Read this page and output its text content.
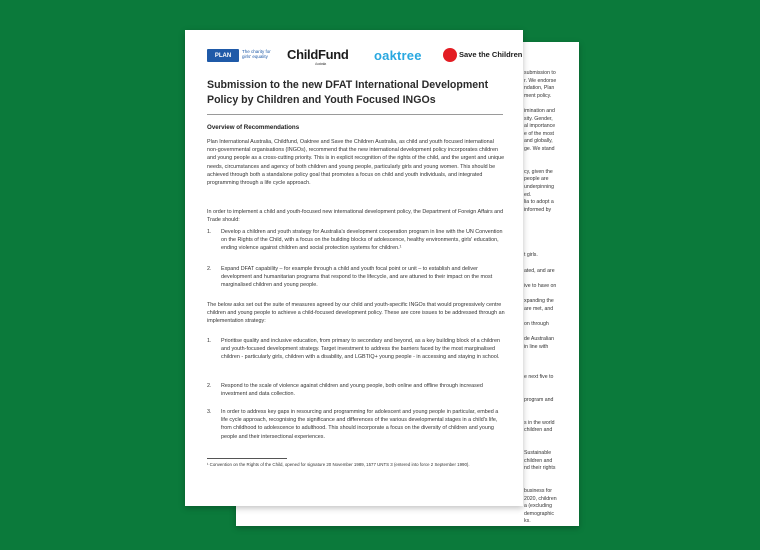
submission to
r. We endorse
ndation, Plan
ment policy.
imination and
sity. Gender,
al importance
e of the most
and globally,
ge. We stand
cy, given the
people are
underpinning
ed.
lia to adopt a
informed by
t girls.
ated, and are
ive to have on
xpanding the
are met, and
on through
de Australian
in line with
e next five to
program and
s in the world
children and
Sustainable
children and
nd their rights
business for
2020, children
a (excluding
demographic
ks.
PLAN
The charity for girls' equality	ChildFund
Australia
oaktree	Save the Children
Submission to the new DFAT International Development Policy by Children and Youth Focused INGOs
Overview of Recommendations
Plan International Australia, Childfund, Oaktree and Save the Children Australia, as child and youth focused international non-governmental organisations (INGOs), recommend that the new international development policy incorporates children and young people as a cross-cutting priority. This is in explicit recognition of the rights of the child, and the urgent and unique needs, circumstances and agency of both children and young people, particularly girls and young women. This should be achieved through both a standalone policy goal that promotes a focus on child and youth individuals, and integrated programming through a life cycle approach.
In order to implement a child and youth-focused new international development policy, the Department of Foreign Affairs and Trade should:
1. Develop a children and youth strategy for Australia's development cooperation program in line with the UN Convention on the Rights of the Child, with a focus on the building blocks of adolescence, healthy environments, girls' education, ending violence against children and social protection systems for children.¹
2. Expand DFAT capability – for example through a child and youth focal point or unit – to establish and deliver development and humanitarian programs that respond to the lifecycle, and are attuned to their impact on the most marginalised children and young people.
The below asks set out the suite of measures agreed by our child and youth-specific INGOs that would progressively centre children and young people to achieve a child-focused development policy. These are core issues to be addressed through an implementation strategy:
1. Prioritise quality and inclusive education, from primary to secondary and beyond, as a key building block of a children and youth-focused development strategy. Target investment to address the barriers faced by the most marginalised children - particularly girls, children with a disability, and LGBTIQ+ young people - in accessing and staying in school.
2. Respond to the scale of violence against children and young people, both online and offline through increased investment and data collection.
3. In order to address key gaps in resourcing and programming for adolescent and young people in particular, embed a life cycle approach, recognising the significance and differences of the various developmental stages in a child's life, from childhood to adolescence to adulthood. This should incorporate a focus on the diversity of children and young people and their intersectional experiences.
¹ Convention on the Rights of the Child, opened for signature 20 November 1989, 1577 UNTS 3 (entered into force 2 September 1990).
